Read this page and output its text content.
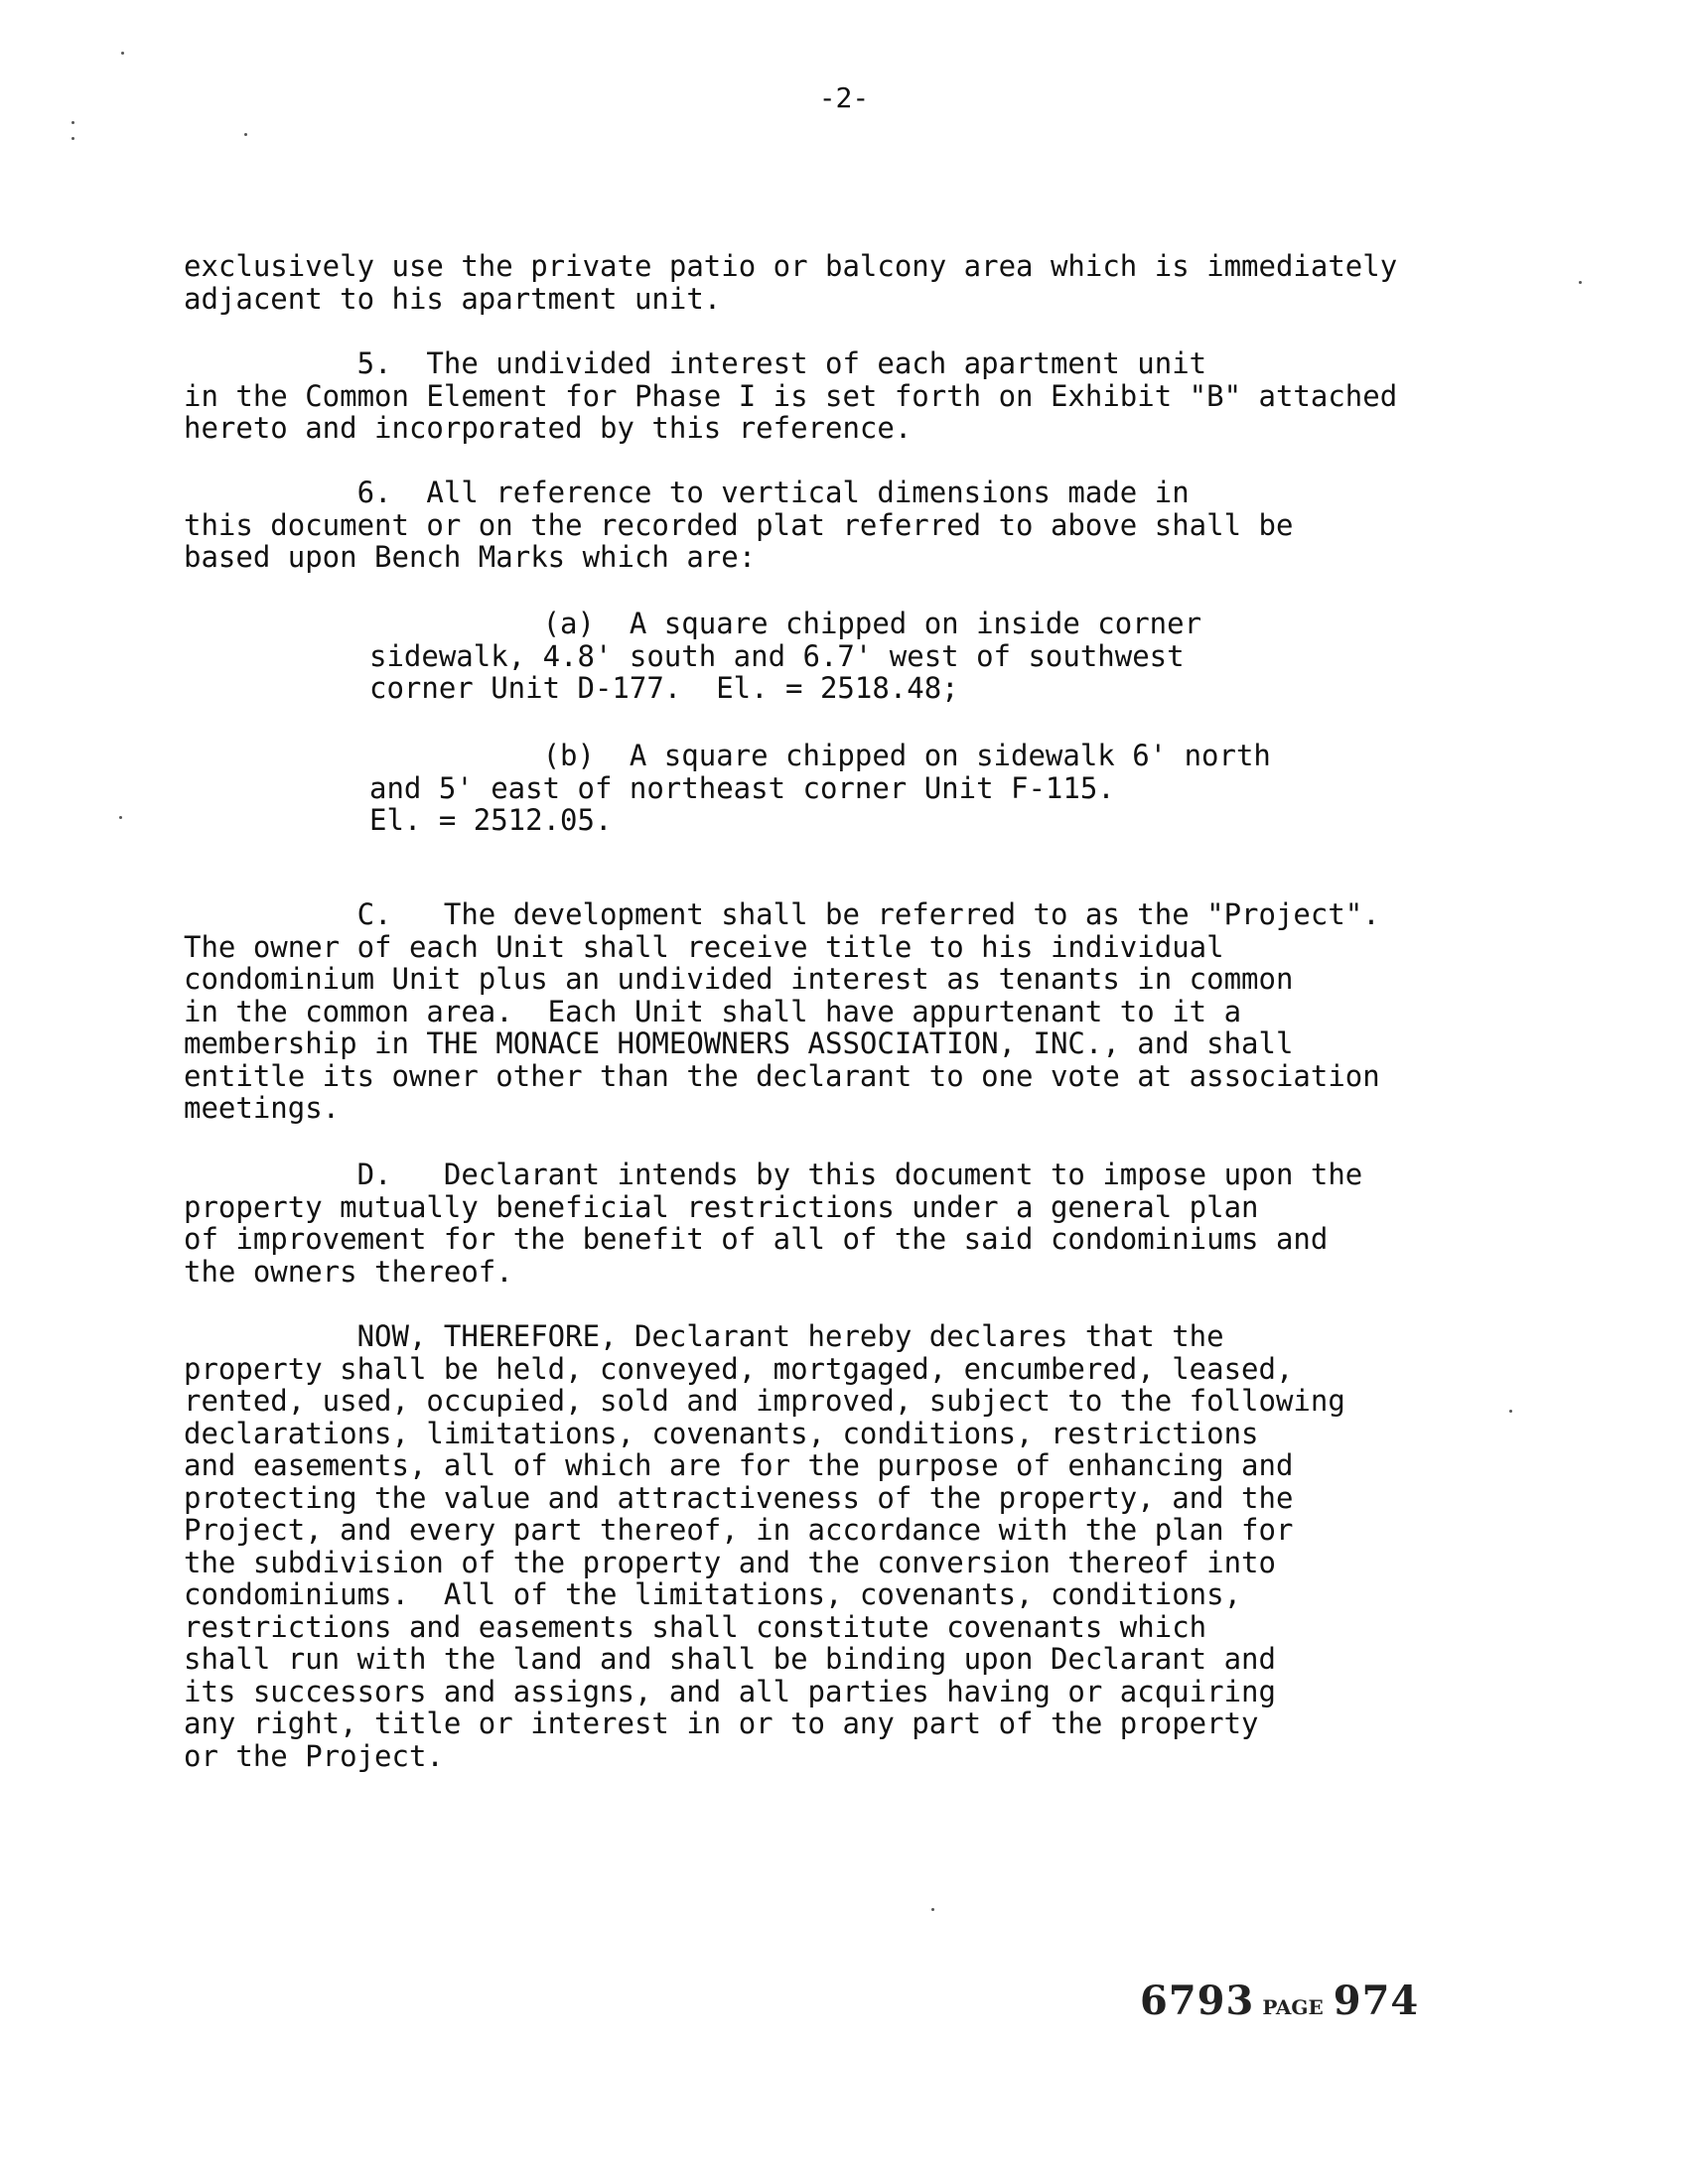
-2-

exclusively use the private patio or balcony area which is immediately

adjacent to his apartment unit.

5.  The undivided interest of each apartment unit

in the Common Element for Phase I is set forth on Exhibit "B" attached

hereto and incorporated by this reference.

6.  All reference to vertical dimensions made in

this document or on the recorded plat referred to above shall be

based upon Bench Marks which are:

(a)  A square chipped on inside corner

sidewalk, 4.8' south and 6.7' west of southwest

corner Unit D-177.  El. = 2518.48;

(b)  A square chipped on sidewalk 6' north

and 5' east of northeast corner Unit F-115.

El. = 2512.05.

C.   The development shall be referred to as the "Project".

The owner of each Unit shall receive title to his individual

condominium Unit plus an undivided interest as tenants in common

in the common area.  Each Unit shall have appurtenant to it a

membership in THE MONACE HOMEOWNERS ASSOCIATION, INC., and shall

entitle its owner other than the declarant to one vote at association

meetings.

D.   Declarant intends by this document to impose upon the

property mutually beneficial restrictions under a general plan

of improvement for the benefit of all of the said condominiums and

the owners thereof.

NOW, THEREFORE, Declarant hereby declares that the

property shall be held, conveyed, mortgaged, encumbered, leased,

rented, used, occupied, sold and improved, subject to the following

declarations, limitations, covenants, conditions, restrictions

and easements, all of which are for the purpose of enhancing and

protecting the value and attractiveness of the property, and the

Project, and every part thereof, in accordance with the plan for

the subdivision of the property and the conversion thereof into

condominiums.  All of the limitations, covenants, conditions,

restrictions and easements shall constitute covenants which

shall run with the land and shall be binding upon Declarant and

its successors and assigns, and all parties having or acquiring

any right, title or interest in or to any part of the property

or the Project.

6793 PAGE 974
